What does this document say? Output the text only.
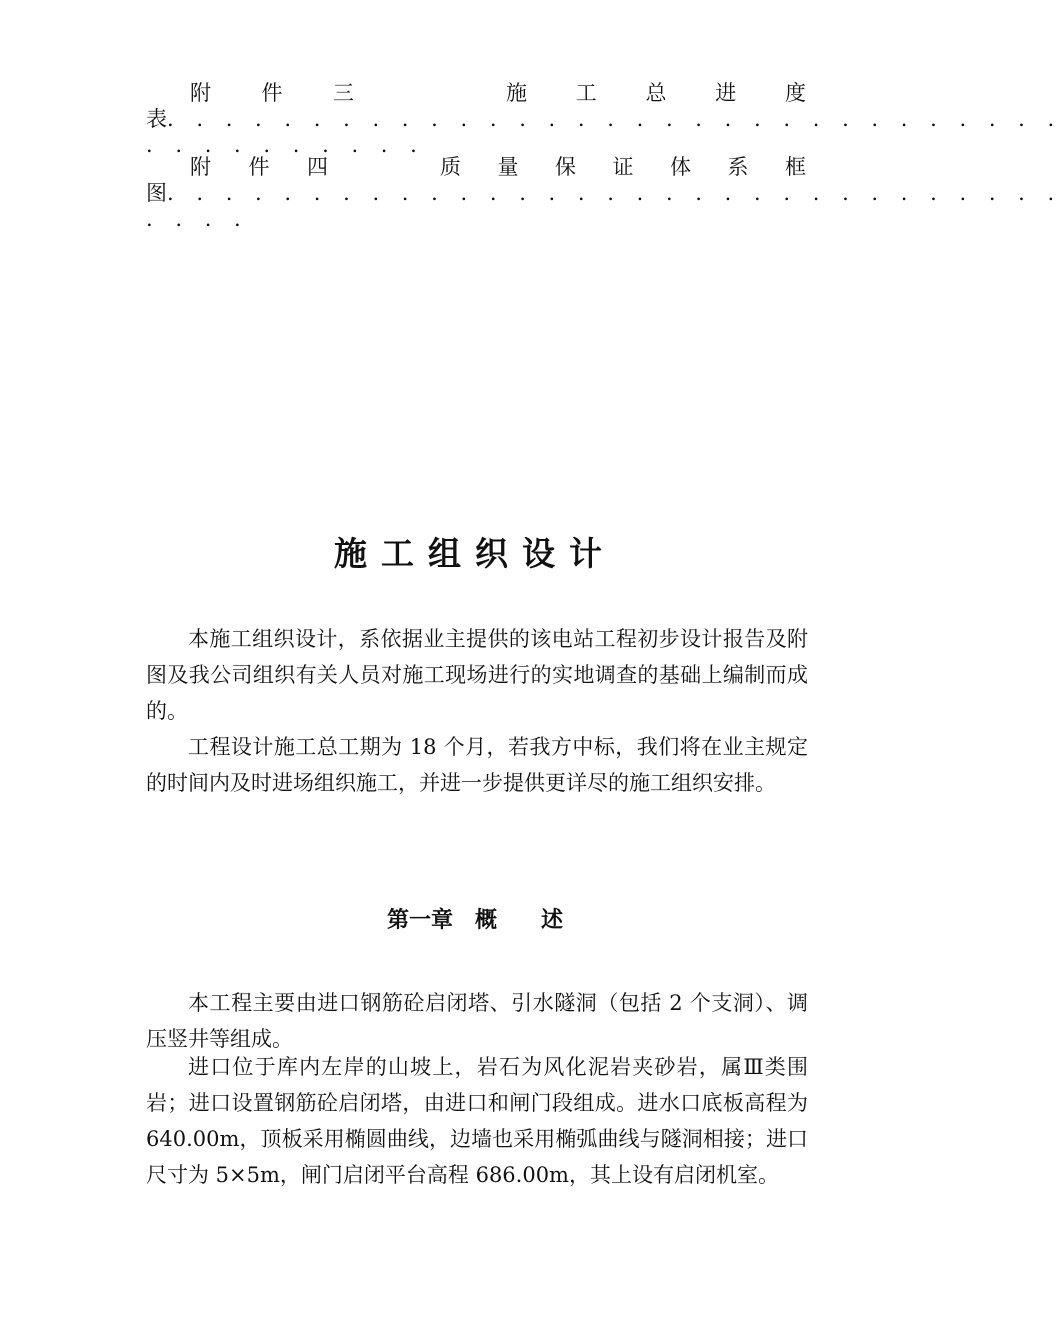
附 件 三	施 工 总 进 度
表. . . . . . . . . . . . . . . . . . . . . . . . . . . . . . .
. . . . . . . . . .
附 件 四	质 量 保 证 体 系 框
图. . . . . . . . . . . . . . . . . . . . . . . . . . . . . . .
. . . .
施工组织设计

本施工组织设计，系依据业主提供的该电站工程初步设计报告及附图及我公司组织有关人员对施工现场进行的实地调查的基础上编制而成的。

工程设计施工总工期为 18 个月，若我方中标，我们将在业主规定的时间内及时进场组织施工，并进一步提供更详尽的施工组织安排。

第一章　概　　述

本工程主要由进口钢筋砼启闭塔、引水隧洞（包括 2 个支洞）、调压竖井等组成。

进口位于库内左岸的山坡上，岩石为风化泥岩夹砂岩，属Ⅲ类围岩；进口设置钢筋砼启闭塔，由进口和闸门段组成。进水口底板高程为 640.00m，顶板采用椭圆曲线，边墙也采用椭弧曲线与隧洞相接；进口尺寸为 5×5m，闸门启闭平台高程 686.00m，其上设有启闭机室。
